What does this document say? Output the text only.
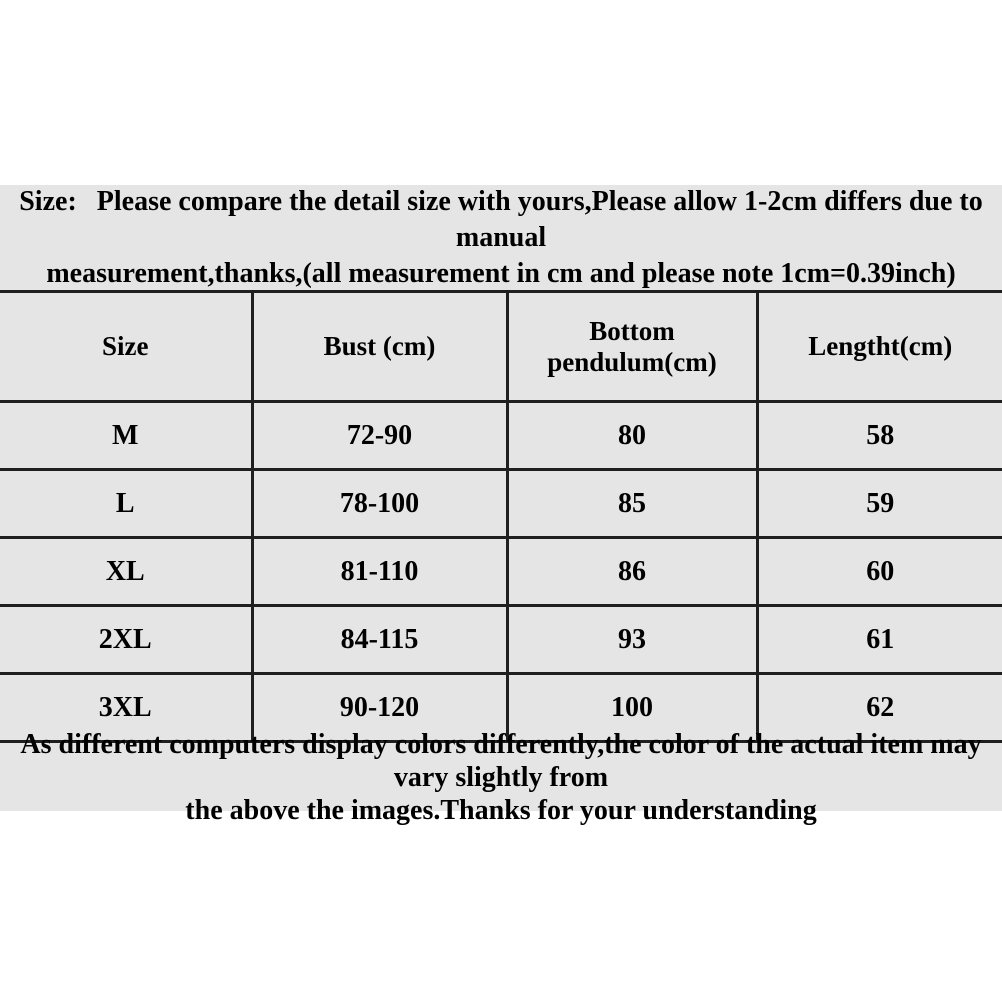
Size: Please compare the detail size with yours,Please allow 1-2cm differs due to manual
measurement,thanks,(all measurement in cm and please note 1cm=0.39inch)
Size	Bust (cm)	Bottom pendulum(cm)	Lengtht(cm)
M	72-90	80	58
L	78-100	85	59
XL	81-110	86	60
2XL	84-115	93	61
3XL	90-120	100	62
As different computers display colors differently,the color of the actual item may vary slightly from
the above the images.Thanks for your understanding
